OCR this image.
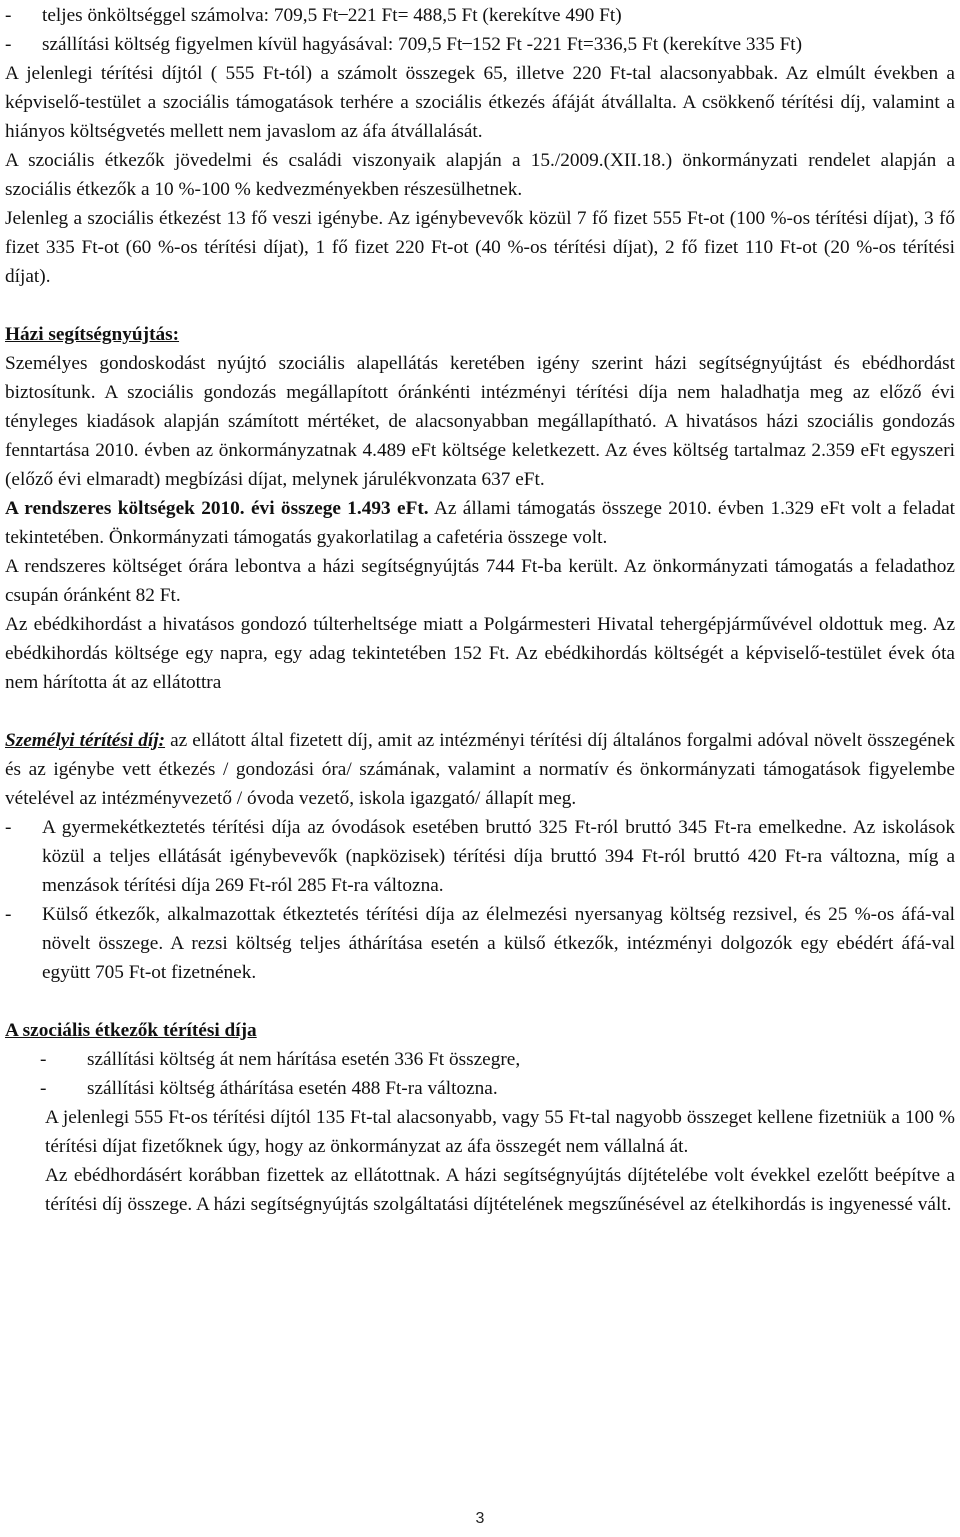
-	teljes önköltséggel számolva: 709,5 Ft ̶ 221 Ft= 488,5 Ft (kerekítve 490 Ft)
-	szállítási költség figyelmen kívül hagyásával: 709,5 Ft ̶ 152 Ft -221 Ft=336,5 Ft (kerekítve 335 Ft)

A jelenlegi térítési díjtól ( 555 Ft-tól) a számolt összegek 65, illetve 220 Ft-tal alacsonyabbak. Az elmúlt években a képviselő-testület a szociális támogatások terhére a szociális étkezés áfáját átvállalta. A csökkenő térítési díj, valamint a hiányos költségvetés mellett nem javaslom az áfa átvállalását.

A szociális étkezők jövedelmi és családi viszonyaik alapján a 15./2009.(XII.18.) önkormányzati rendelet alapján a szociális étkezők a 10 %-100 % kedvezményekben részesülhetnek.

Jelenleg a szociális étkezést 13 fő veszi igénybe. Az igénybevevők közül 7 fő fizet 555 Ft-ot (100 %-os térítési díjat), 3 fő fizet 335 Ft-ot (60 %-os térítési díjat), 1 fő fizet 220 Ft-ot (40 %-os térítési díjat), 2 fő fizet 110 Ft-ot (20 %-os térítési díjat).

Házi segítségnyújtás:

Személyes gondoskodást nyújtó szociális alapellátás keretében igény szerint házi segítségnyújtást és ebédhordást biztosítunk. A szociális gondozás megállapított óránkénti intézményi térítési díja nem haladhatja meg az előző évi tényleges kiadások alapján számított mértéket, de alacsonyabban megállapítható. A hivatásos házi szociális gondozás fenntartása 2010. évben az önkormányzatnak 4.489 eFt költsége keletkezett. Az éves költség tartalmaz 2.359 eFt egyszeri (előző évi elmaradt) megbízási díjat, melynek járulékvonzata 637 eFt.

A rendszeres költségek 2010. évi összege 1.493 eFt. Az állami támogatás összege 2010. évben 1.329 eFt volt a feladat tekintetében. Önkormányzati támogatás gyakorlatilag a cafetéria összege volt.

A rendszeres költséget órára lebontva a házi segítségnyújtás 744 Ft-ba került. Az önkormányzati támogatás a feladathoz csupán óránként 82 Ft.

Az ebédkihordást a hivatásos gondozó túlterheltsége miatt a Polgármesteri Hivatal tehergépjárművével oldottuk meg. Az ebédkihordás költsége egy napra, egy adag tekintetében 152 Ft. Az ebédkihordás költségét a képviselő-testület évek óta nem hárította át az ellátottra

Személyi térítési díj: az ellátott által fizetett díj, amit az intézményi térítési díj általános forgalmi adóval növelt összegének és az igénybe vett étkezés / gondozási óra/ számának, valamint a normatív és önkormányzati támogatások figyelembe vételével az intézményvezető / óvoda vezető, iskola igazgató/ állapít meg.

-	A gyermekétkeztetés térítési díja az óvodások esetében bruttó 325 Ft-ról bruttó 345 Ft-ra emelkedne. Az iskolások közül a teljes ellátását igénybevevők (napközisek) térítési díja bruttó 394 Ft-ról bruttó 420 Ft-ra változna, míg a menzások térítési díja 269 Ft-ról 285 Ft-ra változna.
-	Külső étkezők, alkalmazottak étkeztetés térítési díja az élelmezési nyersanyag költség rezsivel, és 25 %-os áfá-val növelt összege. A rezsi költség teljes áthárítása esetén a külső étkezők, intézményi dolgozók egy ebédért áfá-val együtt 705 Ft-ot fizetnének.

A szociális étkezők térítési díja

-	szállítási költség át nem hárítása esetén 336 Ft összegre,
-	szállítási költség áthárítása esetén 488 Ft-ra változna.

A jelenlegi 555 Ft-os térítési díjtól 135 Ft-tal alacsonyabb, vagy 55 Ft-tal nagyobb összeget kellene fizetniük a 100 % térítési díjat fizetőknek úgy, hogy az önkormányzat az áfa összegét nem vállalná át.

Az ebédhordásért korábban fizettek az ellátottnak. A házi segítségnyújtás díjtételébe volt évekkel ezelőtt beépítve a térítési díj összege. A házi segítségnyújtás szolgáltatási díjtételének megszűnésével az ételkihordás is ingyenessé vált.

3
